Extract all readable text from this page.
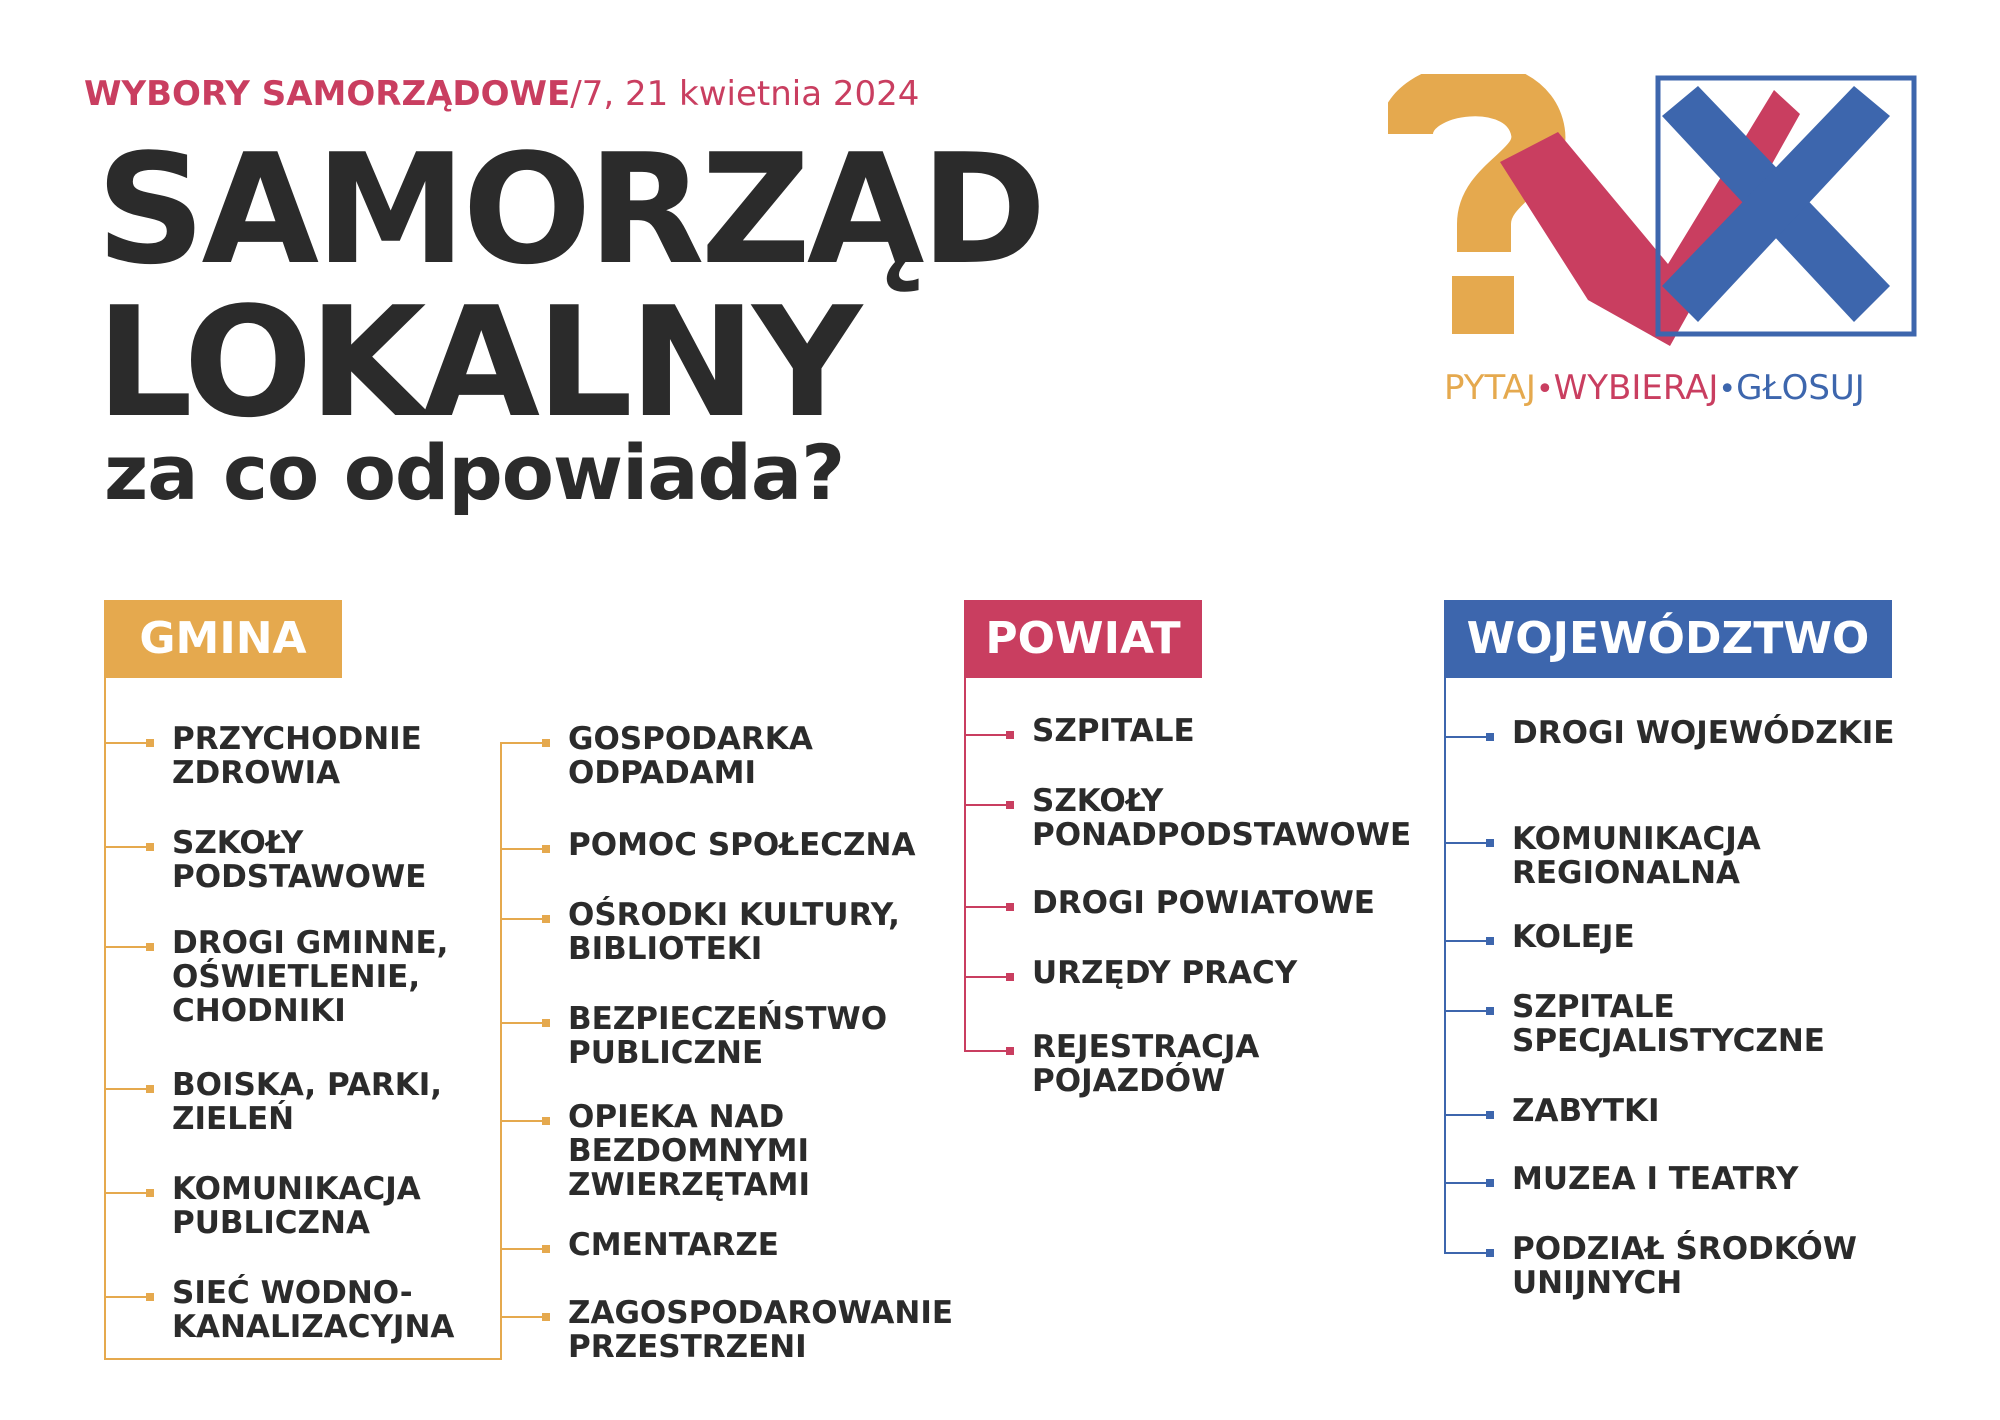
WYBORY SAMORZĄDOWE/7, 21 kwietnia 2024
SAMORZĄD
LOKALNY
za co odpowiada?
PYTAJ•WYBIERAJ•GŁOSUJ
GMINA
PRZYCHODNIE ZDROWIA
SZKOŁY PODSTAWOWE
DROGI GMINNE, OŚWIETLENIE, CHODNIKI
BOISKA, PARKI, ZIELEŃ
KOMUNIKACJA PUBLICZNA
SIEĆ WODNO-KANALIZACYJNA
GOSPODARKA ODPADAMI
POMOC SPOŁECZNA
OŚRODKI KULTURY, BIBLIOTEKI
BEZPIECZEŃSTWO PUBLICZNE
OPIEKA NAD BEZDOMNYMI ZWIERZĘTAMI
CMENTARZE
ZAGOSPODAROWANIE PRZESTRZENI
POWIAT
SZPITALE
SZKOŁY PONADPODSTAWOWE
DROGI POWIATOWE
URZĘDY PRACY
REJESTRACJA POJAZDÓW
WOJEWÓDZTWO
DROGI WOJEWÓDZKIE
KOMUNIKACJA REGIONALNA
KOLEJE
SZPITALE SPECJALISTYCZNE
ZABYTKI
MUZEA I TEATRY
PODZIAŁ ŚRODKÓW UNIJNYCH
